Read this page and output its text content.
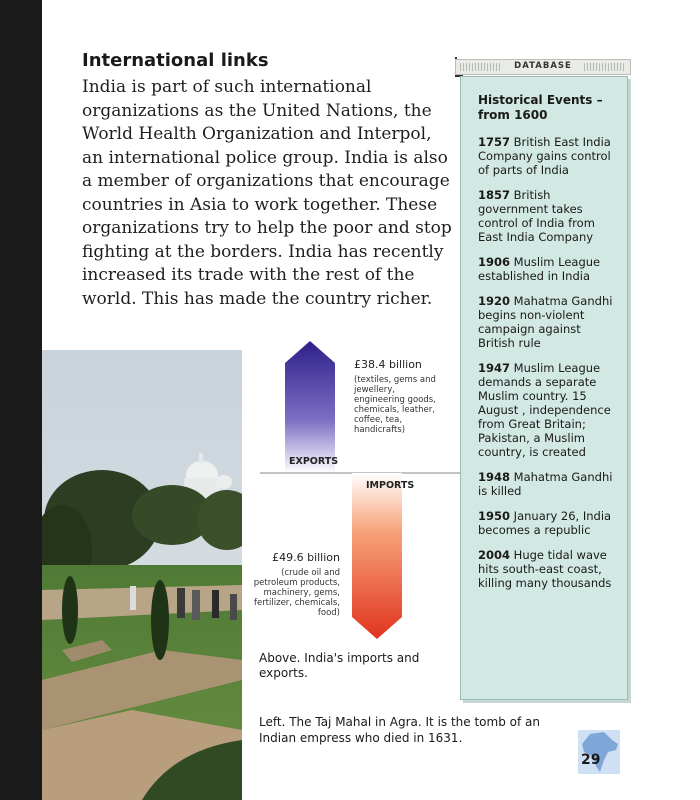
International links

India is part of such international organizations as the United Nations, the World Health Organization and Interpol, an international police group. India is also a member of organizations that encourage countries in Asia to work together. These organizations try to help the poor and stop fighting at the borders. India has recently increased its trade with the rest of the world. This has made the country richer.

£38.4 billion
(textiles, gems and jewellery, engineering goods, chemicals, leather, coffee, tea, handicrafts)
EXPORTS
IMPORTS
£49.6 billion
(crude oil and petroleum products, machinery, gems, fertilizer, chemicals, food)
Above. India's imports and exports.
Left. The Taj Mahal in Agra. It is the tomb of an Indian empress who died in 1631.
DATABASE
Historical Events – from 1600
1757 British East India Company gains control of parts of India
1857 British government takes control of India from East India Company
1906 Muslim League established in India
1920 Mahatma Gandhi begins non-violent campaign against British rule
1947 Muslim League demands a separate Muslim country. 15 August , independence from Great Britain; Pakistan, a Muslim country, is created
1948 Mahatma Gandhi is killed
1950 January 26, India becomes a republic
2004 Huge tidal wave hits south-east coast, killing many thousands
29
